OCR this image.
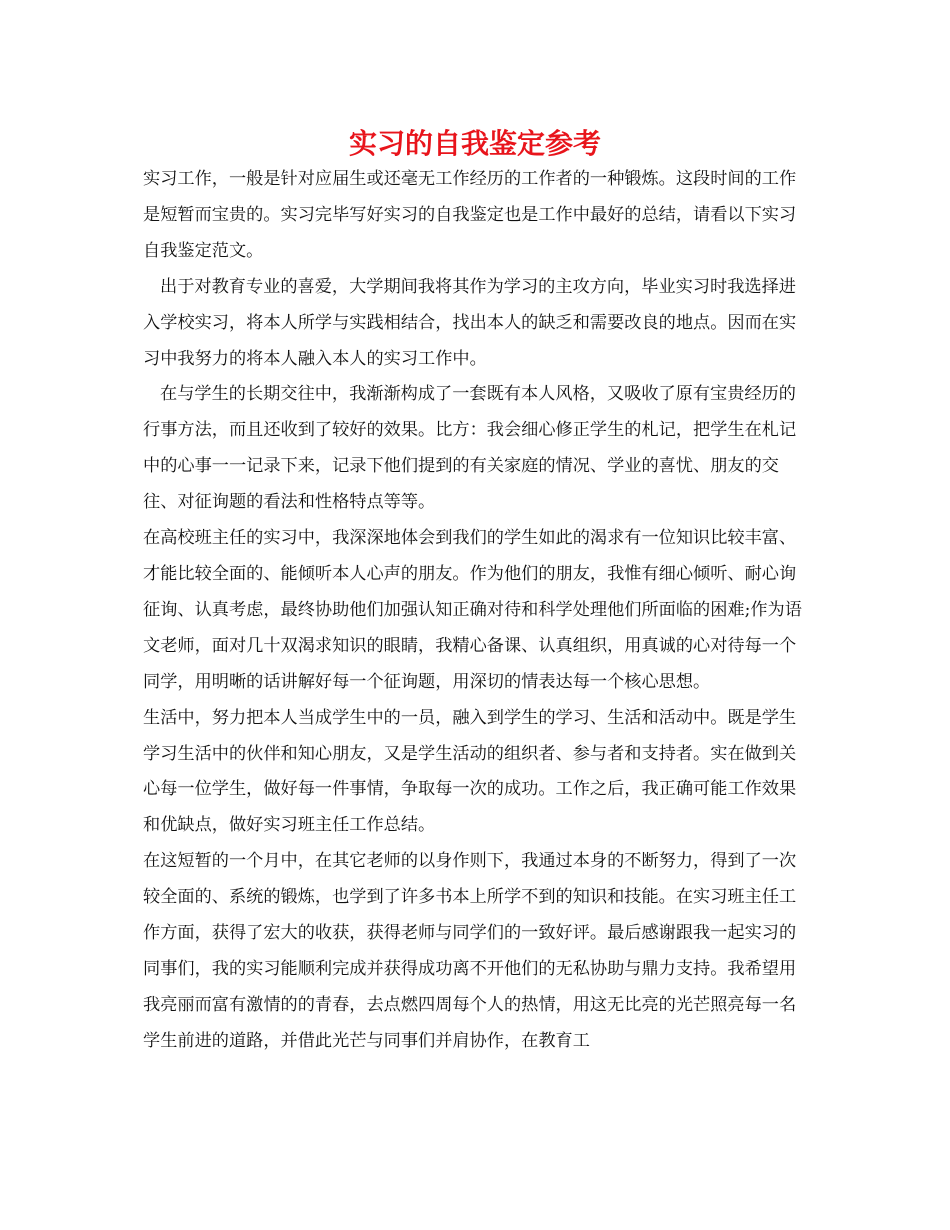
实习的自我鉴定参考

实习工作，一般是针对应届生或还毫无工作经历的工作者的一种锻炼。这段时间的工作是短暂而宝贵的。实习完毕写好实习的自我鉴定也是工作中最好的总结，请看以下实习自我鉴定范文。

出于对教育专业的喜爱，大学期间我将其作为学习的主攻方向，毕业实习时我选择进入学校实习，将本人所学与实践相结合，找出本人的缺乏和需要改良的地点。因而在实习中我努力的将本人融入本人的实习工作中。

在与学生的长期交往中，我渐渐构成了一套既有本人风格，又吸收了原有宝贵经历的行事方法，而且还收到了较好的效果。比方：我会细心修正学生的札记，把学生在札记中的心事一一记录下来，记录下他们提到的有关家庭的情况、学业的喜忧、朋友的交往、对征询题的看法和性格特点等等。

在高校班主任的实习中，我深深地体会到我们的学生如此的渴求有一位知识比较丰富、才能比较全面的、能倾听本人心声的朋友。作为他们的朋友，我惟有细心倾听、耐心询征询、认真考虑，最终协助他们加强认知正确对待和科学处理他们所面临的困难;作为语文老师，面对几十双渴求知识的眼睛，我精心备课、认真组织，用真诚的心对待每一个同学，用明晰的话讲解好每一个征询题，用深切的情表达每一个核心思想。

生活中，努力把本人当成学生中的一员，融入到学生的学习、生活和活动中。既是学生学习生活中的伙伴和知心朋友，又是学生活动的组织者、参与者和支持者。实在做到关心每一位学生，做好每一件事情，争取每一次的成功。工作之后，我正确可能工作效果和优缺点，做好实习班主任工作总结。

在这短暂的一个月中，在其它老师的以身作则下，我通过本身的不断努力，得到了一次较全面的、系统的锻炼，也学到了许多书本上所学不到的知识和技能。在实习班主任工作方面，获得了宏大的收获，获得老师与同学们的一致好评。最后感谢跟我一起实习的同事们，我的实习能顺利完成并获得成功离不开他们的无私协助与鼎力支持。我希望用我亮丽而富有激情的的青春，去点燃四周每个人的热情，用这无比亮的光芒照亮每一名学生前进的道路，并借此光芒与同事们并肩协作，在教育工
